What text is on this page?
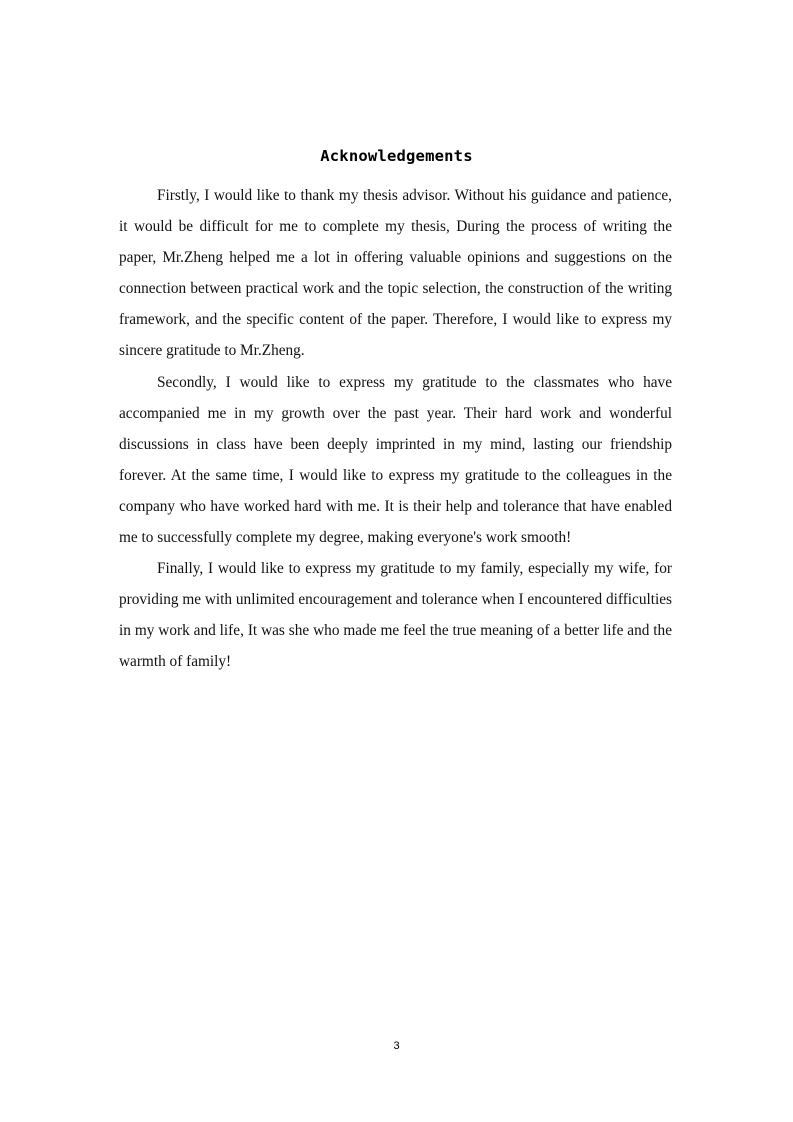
Acknowledgements

Firstly, I would like to thank my thesis advisor. Without his guidance and patience, it would be difficult for me to complete my thesis, During the process of writing the paper, Mr.Zheng helped me a lot in offering valuable opinions and suggestions on the connection between practical work and the topic selection, the construction of the writing framework, and the specific content of the paper. Therefore, I would like to express my sincere gratitude to Mr.Zheng.

Secondly, I would like to express my gratitude to the classmates who have accompanied me in my growth over the past year. Their hard work and wonderful discussions in class have been deeply imprinted in my mind, lasting our friendship forever. At the same time, I would like to express my gratitude to the colleagues in the company who have worked hard with me. It is their help and tolerance that have enabled me to successfully complete my degree, making everyone's work smooth!

Finally, I would like to express my gratitude to my family, especially my wife, for providing me with unlimited encouragement and tolerance when I encountered difficulties in my work and life, It was she who made me feel the true meaning of a better life and the warmth of family!

3
